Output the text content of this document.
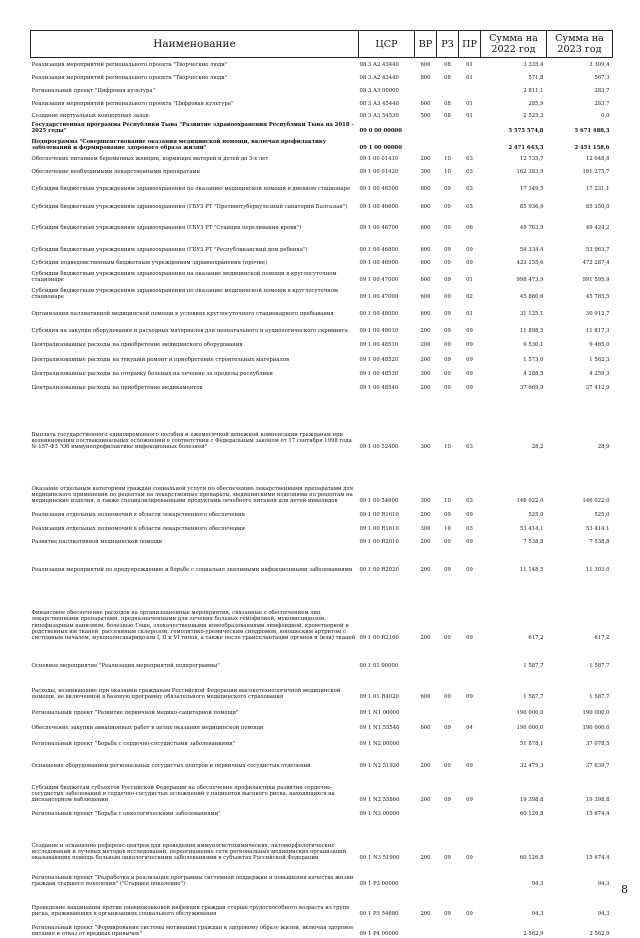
Наименование	ЦСР	ВР	РЗ	ПР	Сумма на 2022 год	Сумма на 2023 год
Реализация мероприятий регионального проекта "Творческие люди"	08 3 А2 43440	600	08	01	3 335,4	3 309,4
Реализация мероприятий регионального проекта "Творческие люди"	08 3 А2 43440	800	08	01	571,8	567,3
Региональный проект "Цифровая культура"	08 3 А3 00000				2 811,1	283,7
Реализация мероприятий регионального проекта "Цифровая культура"	08 3 А3 45440	600	08	01	285,9	283,7
Создание виртуальных концертных залов	08 3 А3 54530	500	08	01	2 525,3	0,0
Государственная программа Республики Тыва "Развитие здравоохранения Республики Тыва на 2018 - 2025 годы"	09 0 00 00000				5 575 574,8	5 671 488,3
Подпрограмма "Совершенствование оказания медицинской помощи, включая профилактику заболеваний и формирование здорового образа жизни"	09 1 00 00000				2 471 643,3	2 451 158,6
Обеспечение питанием беременных женщин, кормящих матерей и детей до 3-х лет	09 1 00 01410	200	10	03	12 735,7	12 648,8
Обеспечение необходимыми лекарственными препаратами	09 1 00 01420	300	10	03	162 383,9	161 275,7
Субсидии бюджетным учреждениям здравоохранения по оказанию медицинской помощи в дневном стационаре	09 1 00 46500	600	09	03	17 349,5	17 231,1
Субсидии бюджетным учреждениям здравоохранения (ГБУЗ РТ "Противотуберкулезный санаторий Балгазын")	09 1 00 46600	600	09	05	85 936,9	85 350,0
Субсидии бюджетным учреждениям здравоохранения (ГБУЗ РТ "Станция переливания крови")	09 1 00 46700	600	09	06	49 763,9	49 424,2
Субсидии бюджетным учреждениям здравоохранения (ГБУЗ РТ "Республиканский дом ребенка")	09 1 00 46800	600	09	09	54 334,4	53 963,7
Субсидии подведомственным бюджетным учреждениям здравоохранения (прочие)	09 1 00 46900	600	09	09	423 155,6	472 287,4
Субсидии бюджетным учреждениям здравоохранения на оказание медицинской помощи в круглосуточном стационаре	09 1 00 47000	600	09	01	998 473,9	991 595,9
Субсидии бюджетным учреждениям здравоохранения по оказанию медицинской помощи в круглосуточном стационаре	09 1 00 47000	600	09	02	45 880,6	45 785,5
Организация паллиативной медицинской помощи в условиях круглосуточного стационарного пребывания	09 1 00 48000	600	09	01	31 125,1	30 912,7
Субсидия на закупки оборудования и расходных материалов для неонатального и аудиологического скрининга	09 1 00 48010	200	09	09	11 898,5	11 817,3
Централизованные расходы на приобретение медицинского оборудования	09 1 00 48510	200	09	09	9 530,1	9 465,0
Централизованные расходы на текущий ремонт и приобретение строительных материалов	09 1 00 48520	200	09	09	1 573,0	1 562,3
Централизованные расходы на отправку больных на лечение за пределы республики	09 1 00 48530	300	09	09	4 288,5	4 259,3
Централизованные расходы на приобретение медикаментов	09 1 00 48540	200	09	09	37 669,9	37 412,9
Выплата государственного единовременного пособия и ежемесячной денежной компенсации гражданам при возникновении поствакцинальных осложнений в соответствии с Федеральным законом от 17 сентября 1998 года № 157-ФЗ "Об иммунопрофилактике инфекционных болезней"	09 1 00 52400	300	10	03	28,2	28,9
Оказание отдельным категориям граждан социальной услуги по обеспечению лекарственными препаратами для медицинского применения по рецептам на лекарственные препараты, медицинскими изделиями по рецептам на медицинские изделия, а также специализированными продуктами лечебного питания для детей-инвалидов	09 1 00 54600	300	10	03	146 022,0	146 022,0
Реализация отдельных полномочий в области лекарственного обеспечения	09 1 00 R1610	200	09	09	525,0	525,0
Реализация отдельных полномочий в области лекарственного обеспечения	09 1 00 R1610	300	10	03	53 414,1	53 414,1
Развитие паллиативной медицинской помощи	09 1 00 R2010	200	09	09	7 538,8	7 538,8
Реализация мероприятий по предупреждению и борьбе с социально значимыми инфекционными заболеваниями	09 1 00 R2020	200	09	09	11 148,5	11 303,0
Финансовое обеспечение расходов на организационные мероприятия, связанные с обеспечением лиц лекарственными препаратами, предназначенными для лечения больных гемофилией, муковисцидозом, гипофизарным нанизмом, болезнью Гоше, злокачественными новообразованиями лимфоидной, кроветворной и родственных им тканей, рассеянным склерозом, гемолитико-уремическим синдромом, юношеским артритом с системным началом, мукополисахаридозом I, II и VI типов, а также после трансплантации органов и (или) тканей	09 1 00 R2160	200	09	09	617,2	617,2
Основное мероприятие "Реализация мероприятий подпрограммы"	09 1 01 00000				1 587,7	1 587,7
Расходы, возникающие при оказании гражданам Российской Федерации высокотехнологичной медицинской помощи, не включенной в базовую программу обязательного медицинского страхования	09 1 01 R4020	600	09	09	1 587,7	1 587,7
Региональный проект "Развитие первичной медико-санитарной помощи"	09 1 N1 00000				190 000,0	190 000,0
Обеспечение закупки авиационных работ в целях оказания медицинской помощи	09 1 N1 55540	600	09	04	190 000,0	190 000,0
Региональный проект "Борьба с сердечно-сосудистыми заболеваниями"	09 1 N2 00000				51 878,1	37 078,5
Оснащение оборудованием региональных сосудистых центров и первичных сосудистых отделений	09 1 N2 51920	200	09	09	32 479,3	37 639,7
Субсидии бюджетам субъектов Российской Федерации на обеспечение профилактики развития сердечно-сосудистых заболеваний и сердечно-сосудистых осложнений у пациентов высокого риска, находящихся на диспансерном наблюдении	09 1 N2 55860	200	09	09	19 398,8	19 398,8
Региональный проект "Борьба с онкологическими заболеваниями"	09 1 N3 00000				60 126,8	15 674,4
Создание и оснащение референс-центров для проведения иммуногистохимических, патоморфологических исследований и лучевых методов исследований, переоснащение сети региональных медицинских организаций, оказывающих помощь больным онкологическими заболеваниями в субъектах Российской Федерации	09 1 N3 51900	200	09	09	60 126,8	15 674,4
Региональный проект "Разработка и реализация программы системной поддержки и повышения качества жизни граждан старшего поколения" ("Старшее поколение")	09 1 P3 00000				94,3	94,3
Проведение вакцинации против пневмококковой инфекции граждан старше трудоспособного возраста из групп риска, проживающих в организациях социального обслуживания	09 1 P3 54680	200	09	09	94,3	94,3
Региональный проект "Формирование системы мотивации граждан к здоровому образу жизни, включая здоровое питание и отказ от вредных привычек"	09 1 P4 00000				2 562,9	2 562,9
8
